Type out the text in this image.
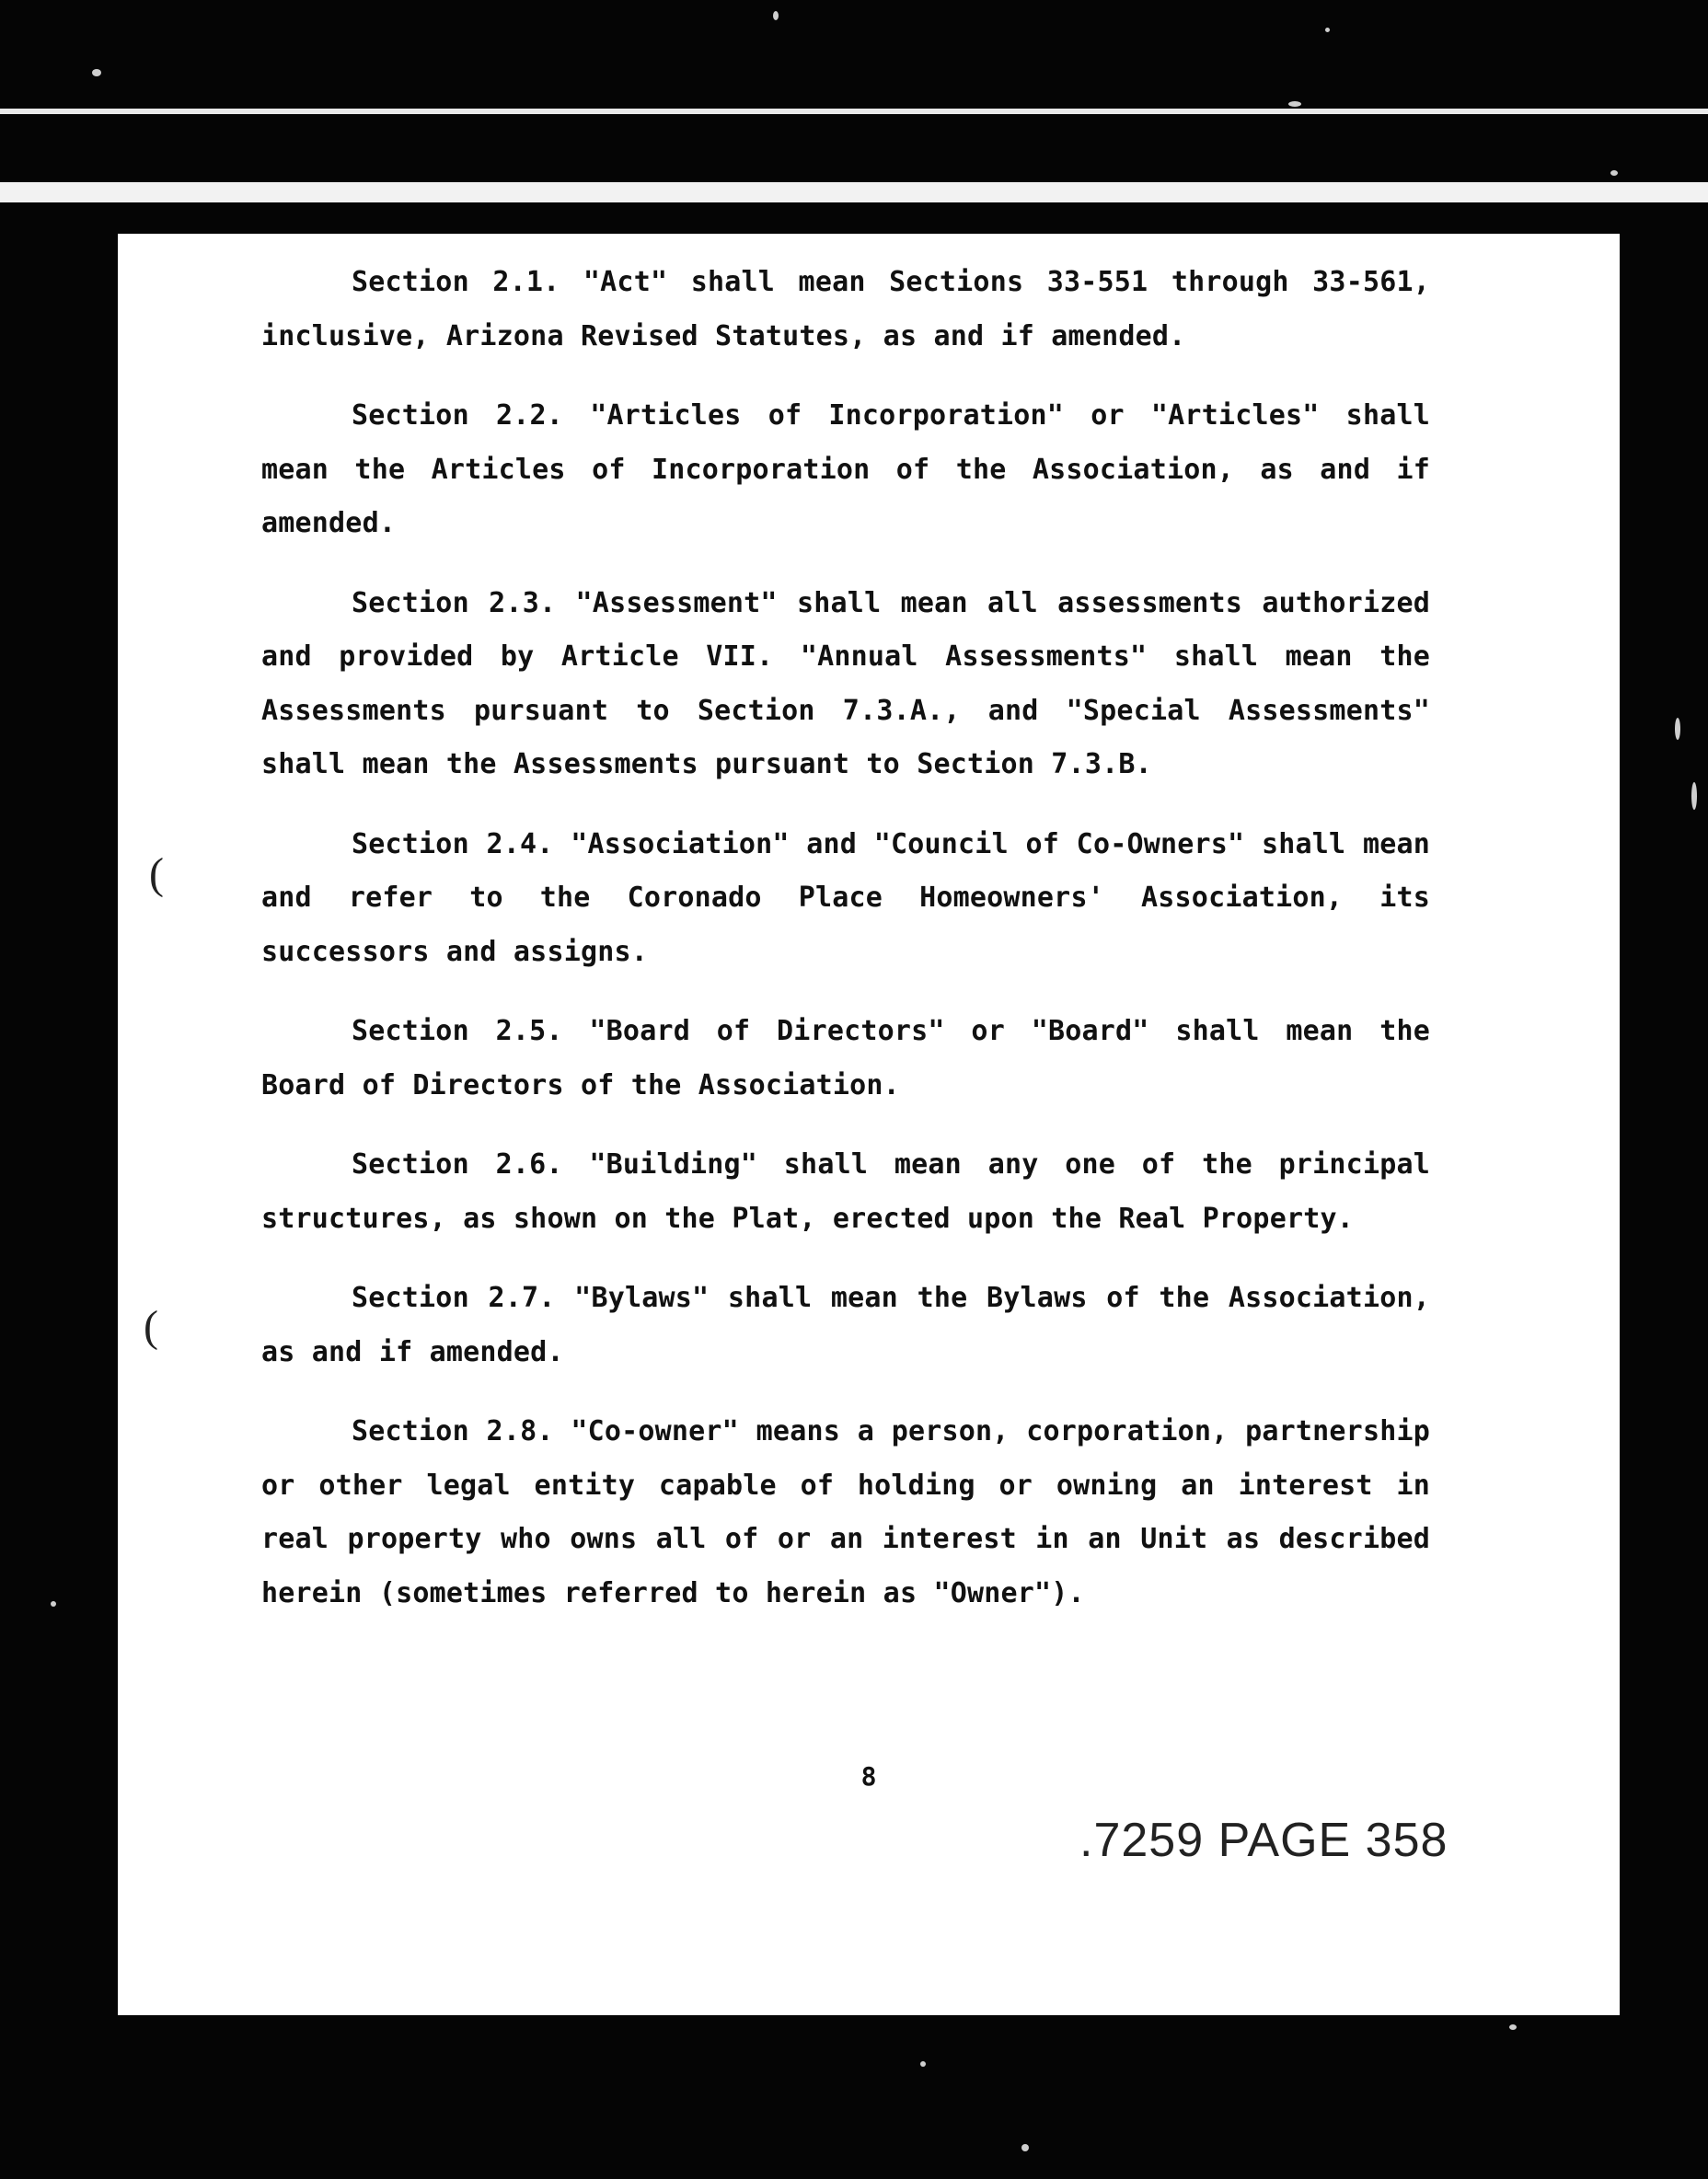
(
(

Section 2.1. "Act" shall mean Sections 33-551 through 33-561, inclusive, Arizona Revised Statutes, as and if amended.

Section 2.2. "Articles of Incorporation" or "Articles" shall mean the Articles of Incorporation of the Association, as and if amended.

Section 2.3. "Assessment" shall mean all assessments authorized and provided by Article VII. "Annual Assessments" shall mean the Assessments pursuant to Section 7.3.A., and "Special Assessments" shall mean the Assessments pursuant to Section 7.3.B.

Section 2.4. "Association" and "Council of Co-Owners" shall mean and refer to the Coronado Place Homeowners' Association, its successors and assigns.

Section 2.5. "Board of Directors" or "Board" shall mean the Board of Directors of the Association.

Section 2.6. "Building" shall mean any one of the principal structures, as shown on the Plat, erected upon the Real Property.

Section 2.7. "Bylaws" shall mean the Bylaws of the Association, as and if amended.

Section 2.8. "Co-owner" means a person, corporation, partnership or other legal entity capable of holding or owning an interest in real property who owns all of or an interest in an Unit as described herein (sometimes referred to herein as "Owner").

8
.7259 PAGE 358
